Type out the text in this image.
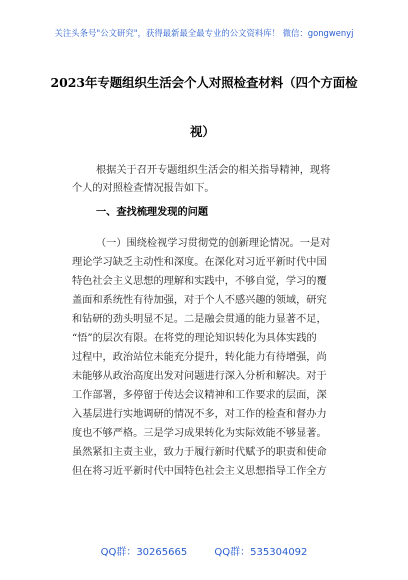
关注头条号"公文研究"，获得最新最全最专业的公文资料库！ 微信：gongwenyj
2023年专题组织生活会个人对照检查材料（四个方面检
视）
根据关于召开专题组织生活会的相关指导精神，现将
个人的对照检查情况报告如下。
一、查找梳理发现的问题
（一）围绕检视学习贯彻党的创新理论情况。一是对
理论学习缺乏主动性和深度。在深化对习近平新时代中国
特色社会主义思想的理解和实践中，不够自觉，学习的覆
盖面和系统性有待加强，对于个人不感兴趣的领域，研究
和钻研的劲头明显不足。二是融会贯通的能力显著不足，
“悟”的层次有限。在将党的理论知识转化为具体实践的
过程中，政治站位未能充分提升，转化能力有待增强，尚
未能够从政治高度出发对问题进行深入分析和解决。对于
工作部署，多停留于传达会议精神和工作要求的层面，深
入基层进行实地调研的情况不多，对工作的检查和督办力
度也不够严格。三是学习成果转化为实际效能不够显著。
虽然紧扣主责主业，致力于履行新时代赋予的职责和使命
但在将习近平新时代中国特色社会主义思想指导工作全方
QQ群：30265665	QQ群：535304092
